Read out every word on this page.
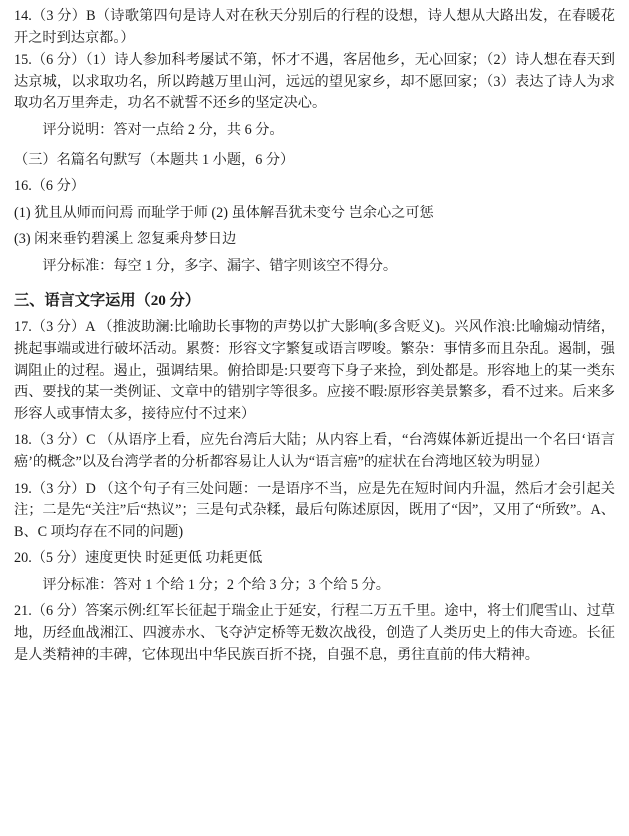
14.（3 分）B（诗歌第四句是诗人对在秋天分别后的行程的设想，诗人想从大路出发，在春暖花开之时到达京都。）

15.（6 分）（1）诗人参加科考屡试不第，怀才不遇，客居他乡，无心回家；（2）诗人想在春天到达京城，以求取功名，所以跨越万里山河，远远的望见家乡，却不愿回家；（3）表达了诗人为求取功名万里奔走，功名不就誓不还乡的坚定决心。

评分说明：答对一点给 2 分，共 6 分。

（三）名篇名句默写（本题共 1 小题，6 分）

16.（6 分）

(1) 犹且从师而问焉 而耻学于师 (2) 虽体解吾犹未变兮 岂余心之可惩

(3) 闲来垂钓碧溪上 忽复乘舟梦日边

评分标准：每空 1 分，多字、漏字、错字则该空不得分。

三、语言文字运用（20 分）

17.（3 分）A （推波助澜:比喻助长事物的声势以扩大影响(多含贬义)。兴风作浪:比喻煽动情绪，挑起事端或进行破坏活动。累赘：形容文字繁复或语言啰唆。繁杂：事情多而且杂乱。遏制，强调阻止的过程。遏止，强调结果。俯拾即是:只要弯下身子来捡，到处都是。形容地上的某一类东西、要找的某一类例证、文章中的错别字等很多。应接不暇:原形容美景繁多，看不过来。后来多形容人或事情太多，接待应付不过来）

18.（3 分）C （从语序上看，应先台湾后大陆；从内容上看，“台湾媒体新近提出一个名曰‘语言癌’的概念”以及台湾学者的分析都容易让人认为“语言癌”的症状在台湾地区较为明显）

19.（3 分）D （这个句子有三处问题：一是语序不当，应是先在短时间内升温，然后才会引起关注；二是先“关注”后“热议”；三是句式杂糅，最后句陈述原因，既用了“因”，又用了“所致”。A、B、C 项均存在不同的问题)

20.（5 分）速度更快 时延更低 功耗更低

评分标准：答对 1 个给 1 分；2 个给 3 分；3 个给 5 分。

21.（6 分）答案示例:红军长征起于瑞金止于延安，行程二万五千里。途中，将士们爬雪山、过草地，历经血战湘江、四渡赤水、飞夺泸定桥等无数次战役，创造了人类历史上的伟大奇迹。长征是人类精神的丰碑，它体现出中华民族百折不挠，自强不息，勇往直前的伟大精神。
